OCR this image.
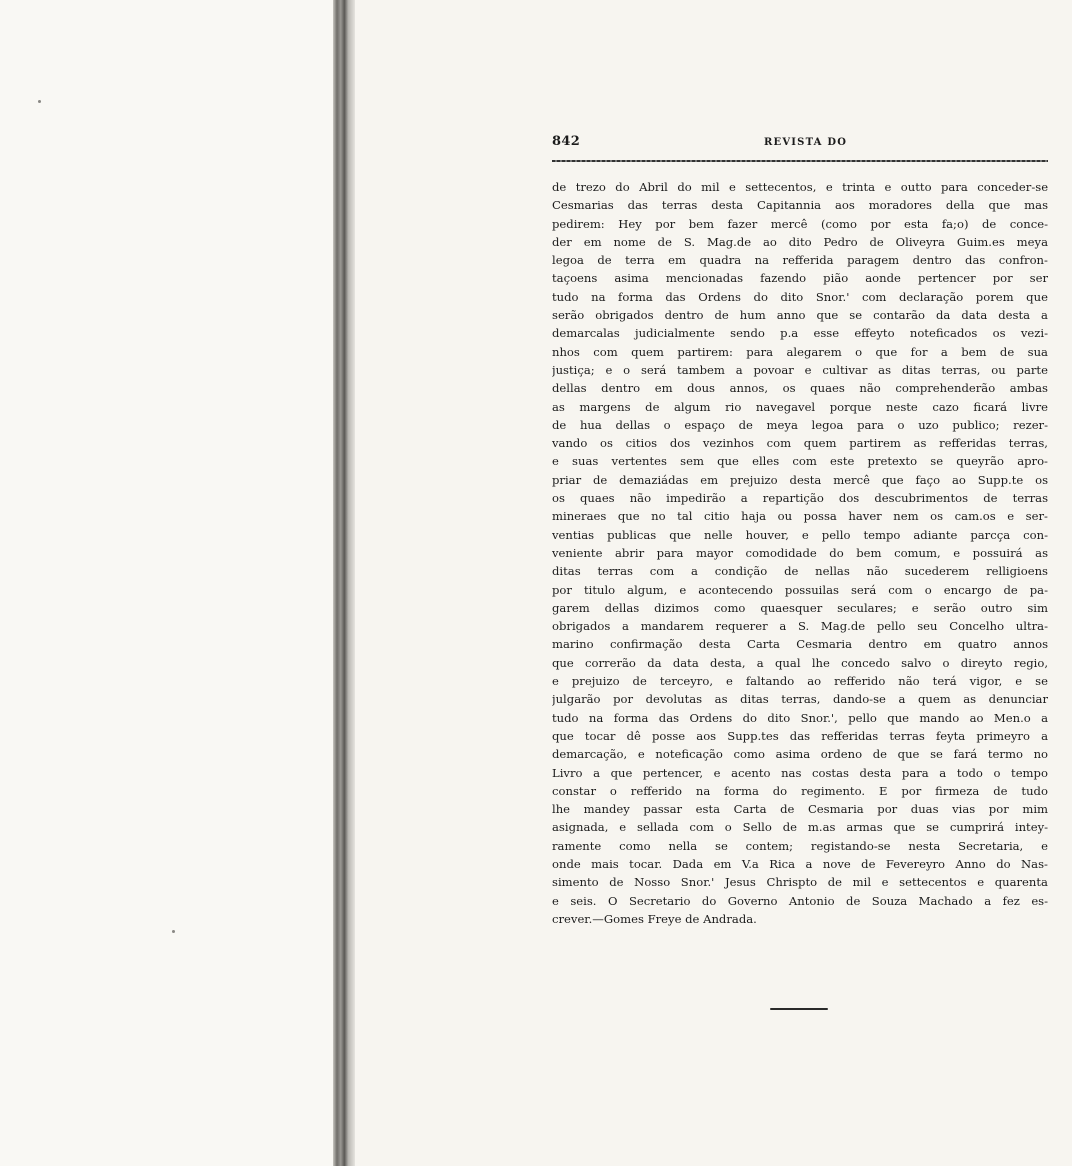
842	REVISTA DO
de trezo do Abril do mil e settecentos, e trinta e outto para conceder-se
Cesmarias das terras desta Capitannia aos moradores della que mas
pedirem: Hey por bem fazer mercê (como por esta fa;o) de conce-
der em nome de S. Mag.de ao dito Pedro de Oliveyra Guim.es meya
legoa de terra em quadra na refferida paragem dentro das confron-
taçoens asima mencionadas fazendo pião aonde pertencer por ser
tudo na forma das Ordens do dito Snor.' com declaração porem que
serão obrigados dentro de hum anno que se contarão da data desta a
demarcalas judicialmente sendo p.a esse effeyto noteficados os vezi-
nhos com quem partirem: para alegarem o que for a bem de sua
justiça; e o será tambem a povoar e cultivar as ditas terras, ou parte
dellas dentro em dous annos, os quaes não comprehenderão ambas
as margens de algum rio navegavel porque neste cazo ficará livre
de hua dellas o espaço de meya legoa para o uzo publico; rezer-
vando os citios dos vezinhos com quem partirem as refferidas terras,
e suas vertentes sem que elles com este pretexto se queyrão apro-
priar de demaziádas em prejuizo desta mercê que faço ao Supp.te os
os quaes não impedirão a repartição dos descubrimentos de terras
mineraes que no tal citio haja ou possa haver nem os cam.os e ser-
ventias publicas que nelle houver, e pello tempo adiante parcça con-
veniente abrir para mayor comodidade do bem comum, e possuirá as
ditas terras com a condição de nellas não sucederem relligioens
por titulo algum, e acontecendo possuilas será com o encargo de pa-
garem dellas dizimos como quaesquer seculares; e serão outro sim
obrigados a mandarem requerer a S. Mag.de pello seu Concelho ultra-
marino confirmação desta Carta Cesmaria dentro em quatro annos
que correrão da data desta, a qual lhe concedo salvo o direyto regio,
e prejuizo de terceyro, e faltando ao refferido não terá vigor, e se
julgarão por devolutas as ditas terras, dando-se a quem as denunciar
tudo na forma das Ordens do dito Snor.', pello que mando ao Men.o a
que tocar dê posse aos Supp.tes das refferidas terras feyta primeyro a
demarcação, e noteficação como asima ordeno de que se fará termo no
Livro a que pertencer, e acento nas costas desta para a todo o tempo
constar o refferido na forma do regimento. E por firmeza de tudo
lhe mandey passar esta Carta de Cesmaria por duas vias por mim
asignada, e sellada com o Sello de m.as armas que se cumprirá intey-
ramente como nella se contem; registando-se nesta Secretaria, e
onde mais tocar. Dada em V.a Rica a nove de Fevereyro Anno do Nas-
simento de Nosso Snor.' Jesus Chrispto de mil e settecentos e quarenta
e seis. O Secretario do Governo Antonio de Souza Machado a fez es-
crever.—Gomes Freye de Andrada.
